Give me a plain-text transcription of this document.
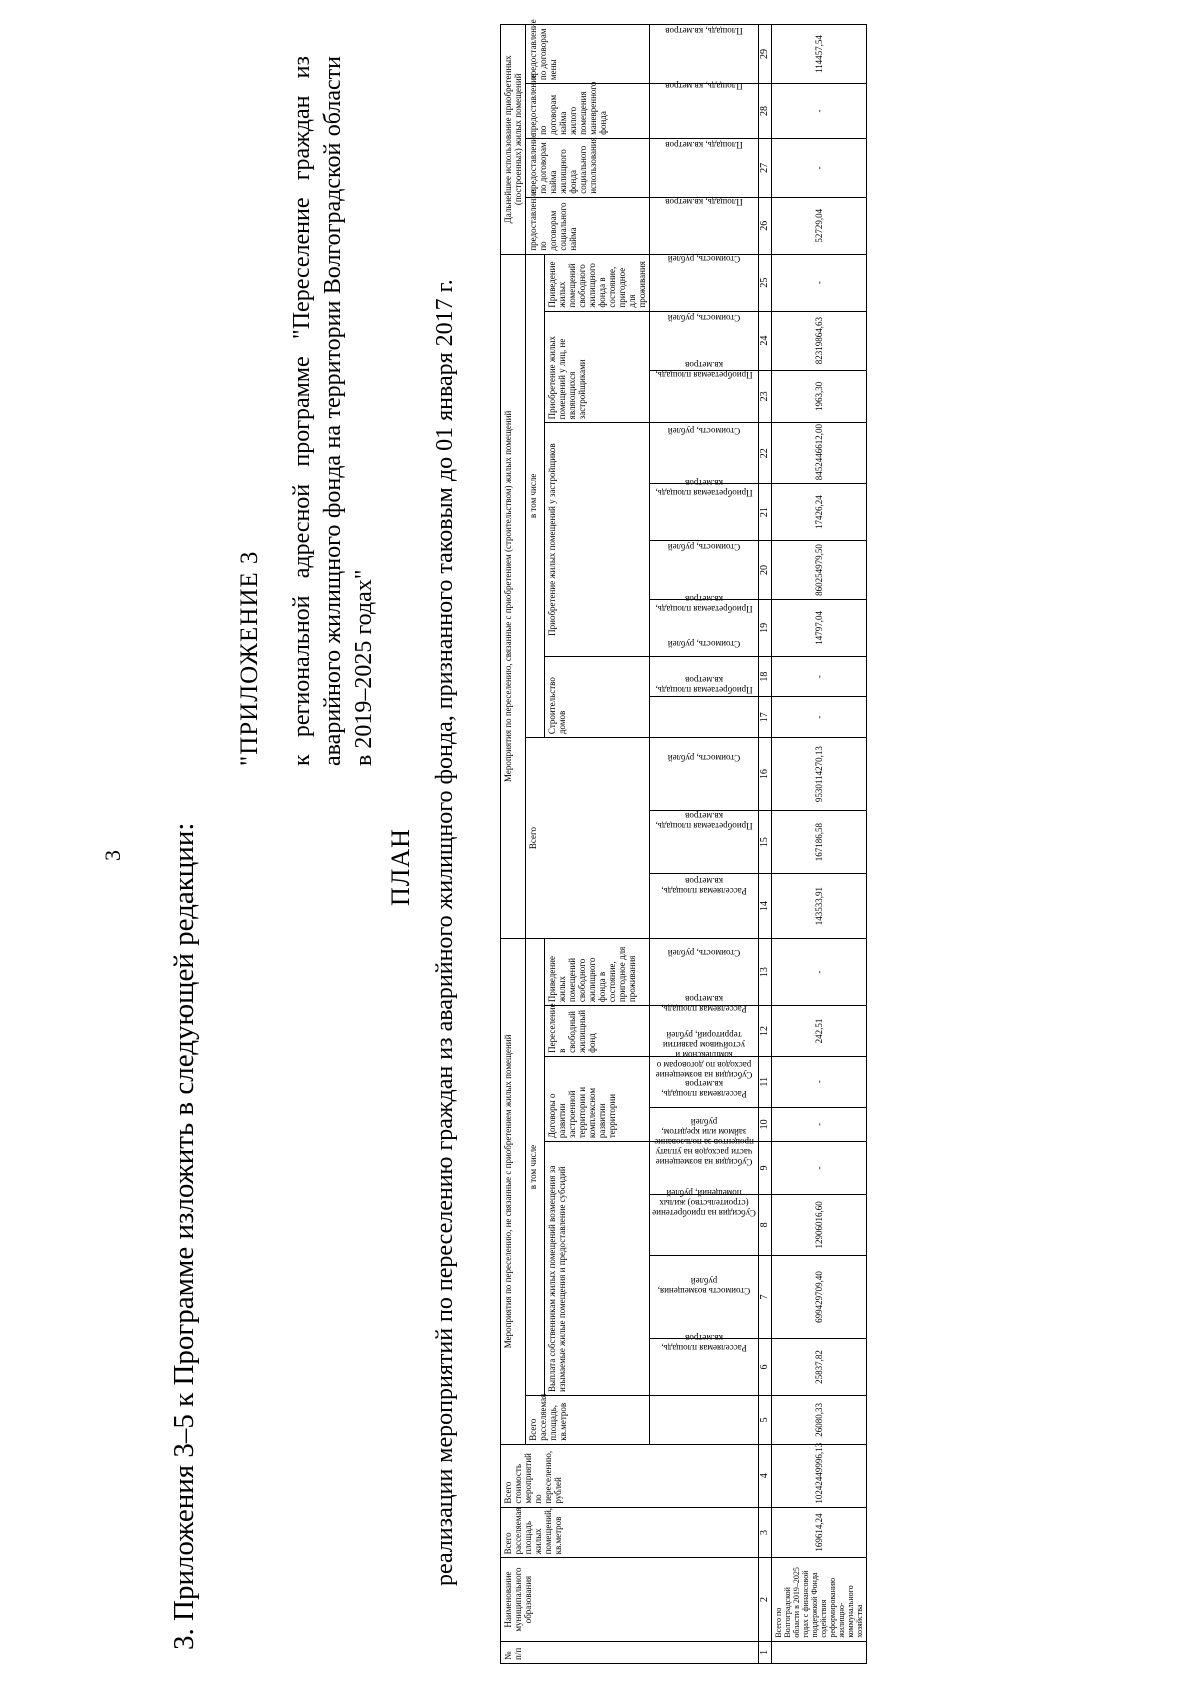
3 3. Приложения 3–5 к Программе изложить в следующей редакции:
"ПРИЛОЖЕНИЕ 3 к региональной адресной программе "Переселение граждан из аварийного жилищного фонда на территории Волгоградской области в 2019–2025 годах"
ПЛАН реализации мероприятий по переселению граждан из аварийного жилищного фонда, признанного таковым до 01 января 2017 г.
№ п/п	Наименование муниципального образования	Всего расселяемая площадь жилых помещений, кв.метров	Всего стоимость мероприятий по переселению, рублей	Мероприятия по переселению, не связанные с приобретением жилых помещений									Мероприятия по переселению, связанные с приобретением (строительством) жилых помещений												Дальнейшее использование приобретенных (построенных) жилых помещений			
				Всего расселяемая площадь, кв.метров	в том числе								Всего			в том числе									предоставление по договорам социального найма	предоставление по договорам найма жилищного фонда социального использования	предоставление по договорам найма жилого помещения маневренного фонда	предоставление по договорам мены
					Выплата собственникам жилых помещений возмещения за изымаемые жилые помещения и предоставление субсидий				Договоры о развитии застроенной территории и комплексном развитии территории		Переселение в свободный жилищный фонд	Приведение жилых помещений свободного жилищного фонда в состояние, пригодное для проживания				Строительство домов		Приобретение жилых помещений у застройщиков				Приобретение жилых помещений у лиц, не являющихся застройщиками		Приведение жилых помещений свободного жилищного фонда в состояние, пригодное для проживания				
					Расселяемая площадь, кв.метров	Стоимость возмещения, рублей	Субсидия на приобретение (строительство) жилых помещений, рублей	Субсидия на возмещение части расходов на уплату процентов за пользование займом или кредитом, рублей	Расселяемая площадь, кв.метров	Субсидия на возмещение расходов по договорам о комплексном и устойчивом развитии территорий, рублей	Расселяемая площадь, кв.метров	Стоимость, рублей	Расселяемая площадь, кв.метров	Приобретаемая площадь, кв.метров	Стоимость, рублей	Приобретаемая площадь, кв.метров	Стоимость, рублей	Приобретаемая площадь, кв.метров	Стоимость, рублей	Приобретаемая площадь, кв.метров	Стоимость, рублей	Приобретаемая площадь, кв.метров	Стоимость, рублей	Стоимость, рублей	Площадь, кв.метров	Площадь, кв.метров	Площадь, кв.метров	Площадь, кв.метров
1	2	3	4	5	6	7	8	9	10	11	12	13	14	15	16	17	18	19	20	21	22	23	24	25	26	27	28	29
	Всего по Волгоградской области в 2019–2025 годах с финансовой поддержкой Фонда содействия реформированию жилищно-коммунального хозяйства	169614,24	10242449996,13	26080,33	25837,82	699429709,40	12906016,60	-	-	-	242,51	-	143533,91	167186,58	9530114270,13	-	-	14797,04	860254979,50	17426,24	8452446612,00	1963,30	82319864,63	-	52729,04	-	-	114457,54
